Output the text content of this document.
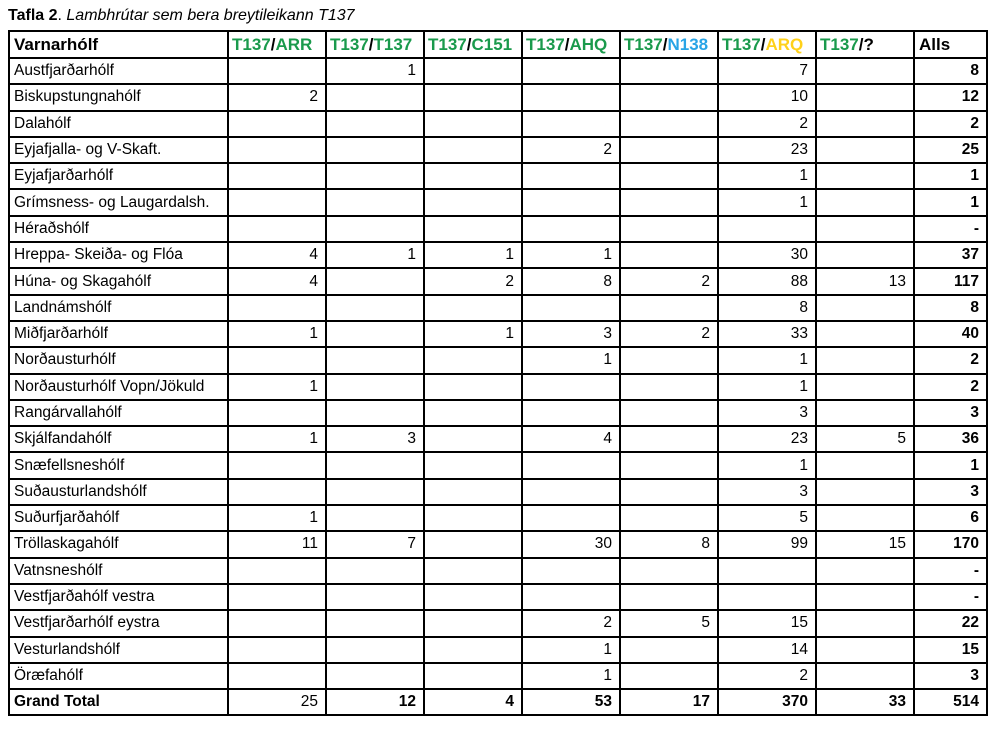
Tafla 2. Lambhrútar sem bera breytileikann T137
Varnarhólf	T137/ARR	T137/T137	T137/C151	T137/AHQ	T137/N138	T137/ARQ	T137/?	Alls
Austfjarðarhólf		1				7		8
Biskupstungnahólf	2					10		12
Dalahólf						2		2
Eyjafjalla- og V-Skaft.				2		23		25
Eyjafjarðarhólf						1		1
Grímsness- og Laugardalsh.						1		1
Héraðshólf								-
Hreppa- Skeiða- og Flóa	4	1	1	1		30		37
Húna- og Skagahólf	4		2	8	2	88	13	117
Landnámshólf						8		8
Miðfjarðarhólf	1		1	3	2	33		40
Norðausturhólf				1		1		2
Norðausturhólf Vopn/Jökuld	1					1		2
Rangárvallahólf						3		3
Skjálfandahólf	1	3		4		23	5	36
Snæfellsneshólf						1		1
Suðausturlandshólf						3		3
Suðurfjarðahólf	1					5		6
Tröllaskagahólf	11	7		30	8	99	15	170
Vatnsneshólf								-
Vestfjarðahólf vestra								-
Vestfjarðarhólf eystra				2	5	15		22
Vesturlandshólf				1		14		15
Öræfahólf				1		2		3
Grand Total	25	12	4	53	17	370	33	514
